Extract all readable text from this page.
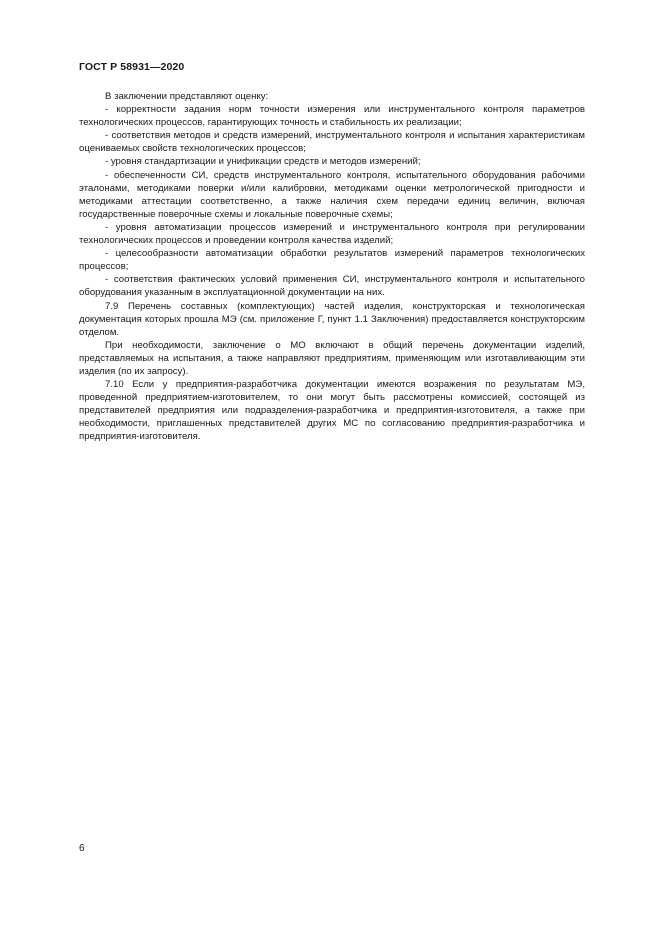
ГОСТ Р 58931—2020

В заключении представляют оценку:

- корректности задания норм точности измерения или инструментального контроля параметров технологических процессов, гарантирующих точность и стабильность их реализации;

- соответствия методов и средств измерений, инструментального контроля и испытания характеристикам оцениваемых свойств технологических процессов;

- уровня стандартизации и унификации средств и методов измерений;

- обеспеченности СИ, средств инструментального контроля, испытательного оборудования рабочими эталонами, методиками поверки и/или калибровки, методиками оценки метрологической пригодности и методиками аттестации соответственно, а также наличия схем передачи единиц величин, включая государственные поверочные схемы и локальные поверочные схемы;

- уровня автоматизации процессов измерений и инструментального контроля при регулировании технологических процессов и проведении контроля качества изделий;

- целесообразности автоматизации обработки результатов измерений параметров технологических процессов;

- соответствия фактических условий применения СИ, инструментального контроля и испытательного оборудования указанным в эксплуатационной документации на них.

7.9 Перечень составных (комплектующих) частей изделия, конструкторская и технологическая документация которых прошла МЭ (см. приложение Г, пункт 1.1 Заключения) предоставляется конструкторским отделом.

При необходимости, заключение о МО включают в общий перечень документации изделий, представляемых на испытания, а также направляют предприятиям, применяющим или изготавливающим эти изделия (по их запросу).

7.10 Если у предприятия-разработчика документации имеются возражения по результатам МЭ, проведенной предприятием-изготовителем, то они могут быть рассмотрены комиссией, состоящей из представителей предприятия или подразделения-разработчика и предприятия-изготовителя, а также при необходимости, приглашенных представителей других МС по согласованию предприятия-разработчика и предприятия-изготовителя.

6
